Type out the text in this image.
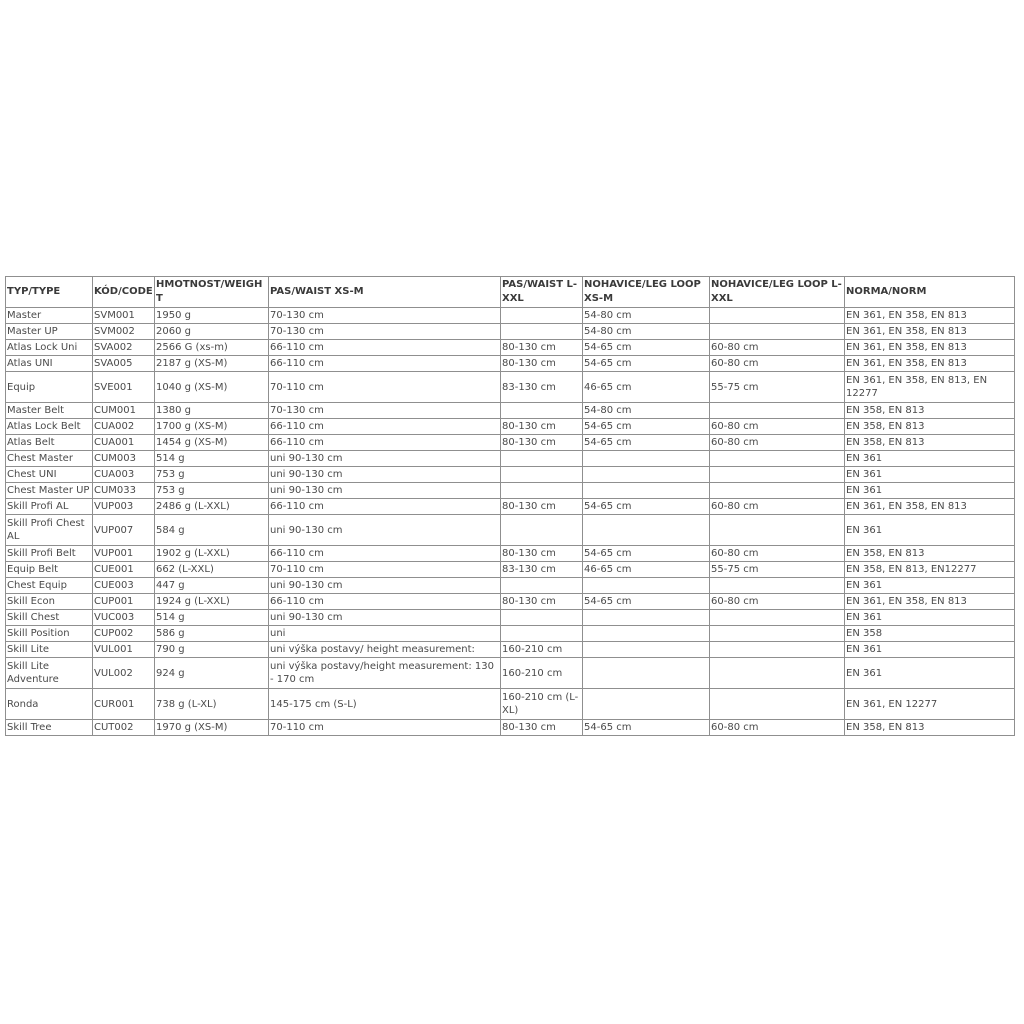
TYP/TYPE	KÓD/CODE	HMOTNOST/WEIGHT	PAS/WAIST XS-M	PAS/WAIST L-XXL	NOHAVICE/LEG LOOP XS-M	NOHAVICE/LEG LOOP L-XXL	NORMA/NORM
Master	SVM001	1950 g	70-130 cm		54-80 cm		EN 361, EN 358, EN 813
Master UP	SVM002	2060 g	70-130 cm		54-80 cm		EN 361, EN 358, EN 813
Atlas Lock Uni	SVA002	2566 G (xs-m)	66-110 cm	80-130 cm	54-65 cm	60-80 cm	EN 361, EN 358, EN 813
Atlas UNI	SVA005	2187 g (XS-M)	66-110 cm	80-130 cm	54-65 cm	60-80 cm	EN 361, EN 358, EN 813
Equip	SVE001	1040 g (XS-M)	70-110 cm	83-130 cm	46-65 cm	55-75 cm	EN 361, EN 358, EN 813, EN 12277
Master Belt	CUM001	1380 g	70-130 cm		54-80 cm		EN 358, EN 813
Atlas Lock Belt	CUA002	1700 g (XS-M)	66-110 cm	80-130 cm	54-65 cm	60-80 cm	EN 358, EN 813
Atlas Belt	CUA001	1454 g (XS-M)	66-110 cm	80-130 cm	54-65 cm	60-80 cm	EN 358, EN 813
Chest Master	CUM003	514 g	uni 90-130 cm				EN 361
Chest UNI	CUA003	753 g	uni 90-130 cm				EN 361
Chest Master UP	CUM033	753 g	uni 90-130 cm				EN 361
Skill Profi AL	VUP003	2486 g (L-XXL)	66-110 cm	80-130 cm	54-65 cm	60-80 cm	EN 361, EN 358, EN 813
Skill Profi Chest AL	VUP007	584 g	uni 90-130 cm				EN 361
Skill Profi Belt	VUP001	1902 g (L-XXL)	66-110 cm	80-130 cm	54-65 cm	60-80 cm	EN 358, EN 813
Equip Belt	CUE001	662 (L-XXL)	70-110 cm	83-130 cm	46-65 cm	55-75 cm	EN 358, EN 813, EN12277
Chest Equip	CUE003	447 g	uni 90-130 cm				EN 361
Skill Econ	CUP001	1924 g (L-XXL)	66-110 cm	80-130 cm	54-65 cm	60-80 cm	EN 361, EN 358, EN 813
Skill Chest	VUC003	514 g	uni 90-130 cm				EN 361
Skill Position	CUP002	586 g	uni				EN 358
Skill Lite	VUL001	790 g	uni výška postavy/ height measurement:	160-210 cm			EN 361
Skill Lite Adventure	VUL002	924 g	uni výška postavy/height measurement: 130 - 170 cm	160-210 cm			EN 361
Ronda	CUR001	738 g (L-XL)	145-175 cm (S-L)	160-210 cm (L-XL)			EN 361, EN 12277
Skill Tree	CUT002	1970 g (XS-M)	70-110 cm	80-130 cm	54-65 cm	60-80 cm	EN 358, EN 813
